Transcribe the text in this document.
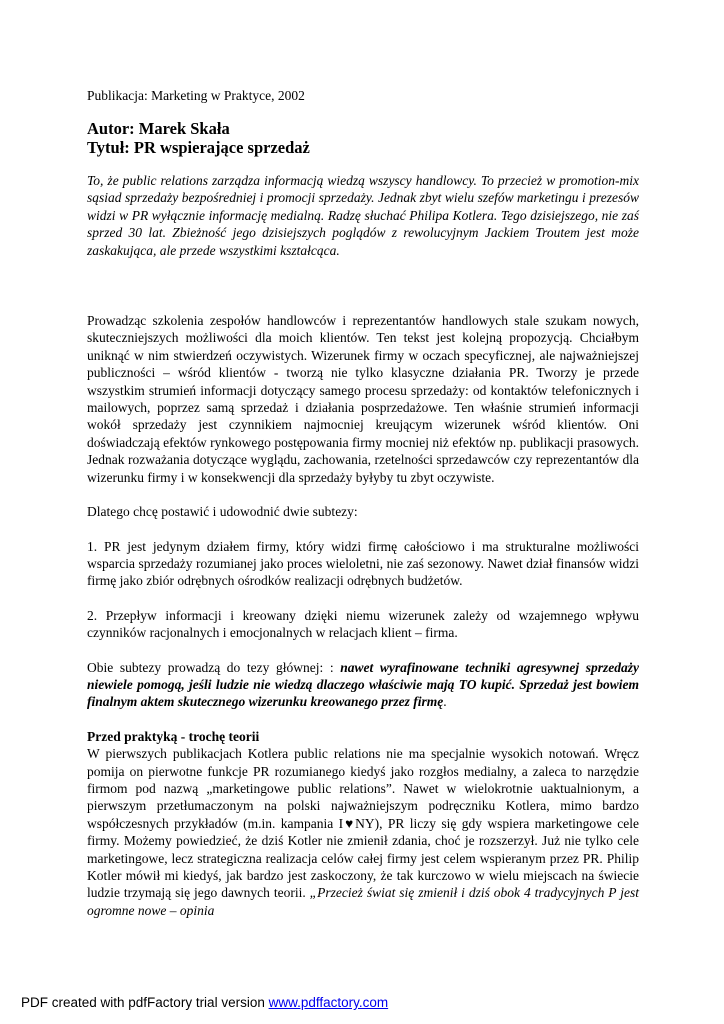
Publikacja: Marketing w Praktyce, 2002

Autor: Marek Skała

Tytuł: PR wspierające sprzedaż

To, że public relations zarządza informacją wiedzą wszyscy handlowcy. To przecież w promotion-mix sąsiad sprzedaży bezpośredniej i promocji sprzedaży. Jednak zbyt wielu szefów marketingu i prezesów widzi w PR wyłącznie informację medialną. Radzę słuchać Philipa Kotlera. Tego dzisiejszego, nie zaś sprzed 30 lat. Zbieżność jego dzisiejszych poglądów z rewolucyjnym Jackiem Troutem jest może zaskakująca, ale przede wszystkimi kształcąca.

Prowadząc szkolenia zespołów handlowców i reprezentantów handlowych stale szukam nowych, skuteczniejszych możliwości dla moich klientów. Ten tekst jest kolejną propozycją. Chciałbym uniknąć w nim stwierdzeń oczywistych. Wizerunek firmy w oczach specyficznej, ale najważniejszej publiczności – wśród klientów - tworzą nie tylko klasyczne działania PR. Tworzy je przede wszystkim strumień informacji dotyczący samego procesu sprzedaży: od kontaktów telefonicznych i mailowych, poprzez samą sprzedaż i działania posprzedażowe. Ten właśnie strumień informacji wokół sprzedaży jest czynnikiem najmocniej kreującym wizerunek wśród klientów. Oni doświadczają efektów rynkowego postępowania firmy mocniej niż efektów np. publikacji prasowych. Jednak rozważania dotyczące wyglądu, zachowania, rzetelności sprzedawców czy reprezentantów dla wizerunku firmy i w konsekwencji dla sprzedaży byłyby tu zbyt oczywiste.

Dlatego chcę postawić i udowodnić dwie subtezy:

1. PR jest jedynym działem firmy, który widzi firmę całościowo i ma strukturalne możliwości wsparcia sprzedaży rozumianej jako proces wieloletni, nie zaś sezonowy. Nawet dział finansów widzi firmę jako zbiór odrębnych ośrodków realizacji odrębnych budżetów.

2. Przepływ informacji i kreowany dzięki niemu wizerunek zależy od wzajemnego wpływu czynników racjonalnych i emocjonalnych w relacjach klient – firma.

Obie subtezy prowadzą do tezy głównej: : nawet wyrafinowane techniki agresywnej sprzedaży niewiele pomogą, jeśli ludzie nie wiedzą dlaczego właściwie mają TO kupić. Sprzedaż jest bowiem finalnym aktem skutecznego wizerunku kreowanego przez firmę.

Przed praktyką - trochę teorii

W pierwszych publikacjach Kotlera public relations nie ma specjalnie wysokich notowań. Wręcz pomija on pierwotne funkcje PR rozumianego kiedyś jako rozgłos medialny, a zaleca to narzędzie firmom pod nazwą „marketingowe public relations”. Nawet w wielokrotnie uaktualnionym, a pierwszym przetłumaczonym na polski najważniejszym podręczniku Kotlera, mimo bardzo współczesnych przykładów (m.in. kampania I♥NY), PR liczy się gdy wspiera marketingowe cele firmy. Możemy powiedzieć, że dziś Kotler nie zmienił zdania, choć je rozszerzył. Już nie tylko cele marketingowe, lecz strategiczna realizacja celów całej firmy jest celem wspieranym przez PR. Philip Kotler mówił mi kiedyś, jak bardzo jest zaskoczony, że tak kurczowo w wielu miejscach na świecie ludzie trzymają się jego dawnych teorii. „Przecież świat się zmienił i dziś obok 4 tradycyjnych P jest ogromne nowe – opinia

PDF created with pdfFactory trial version www.pdffactory.com
